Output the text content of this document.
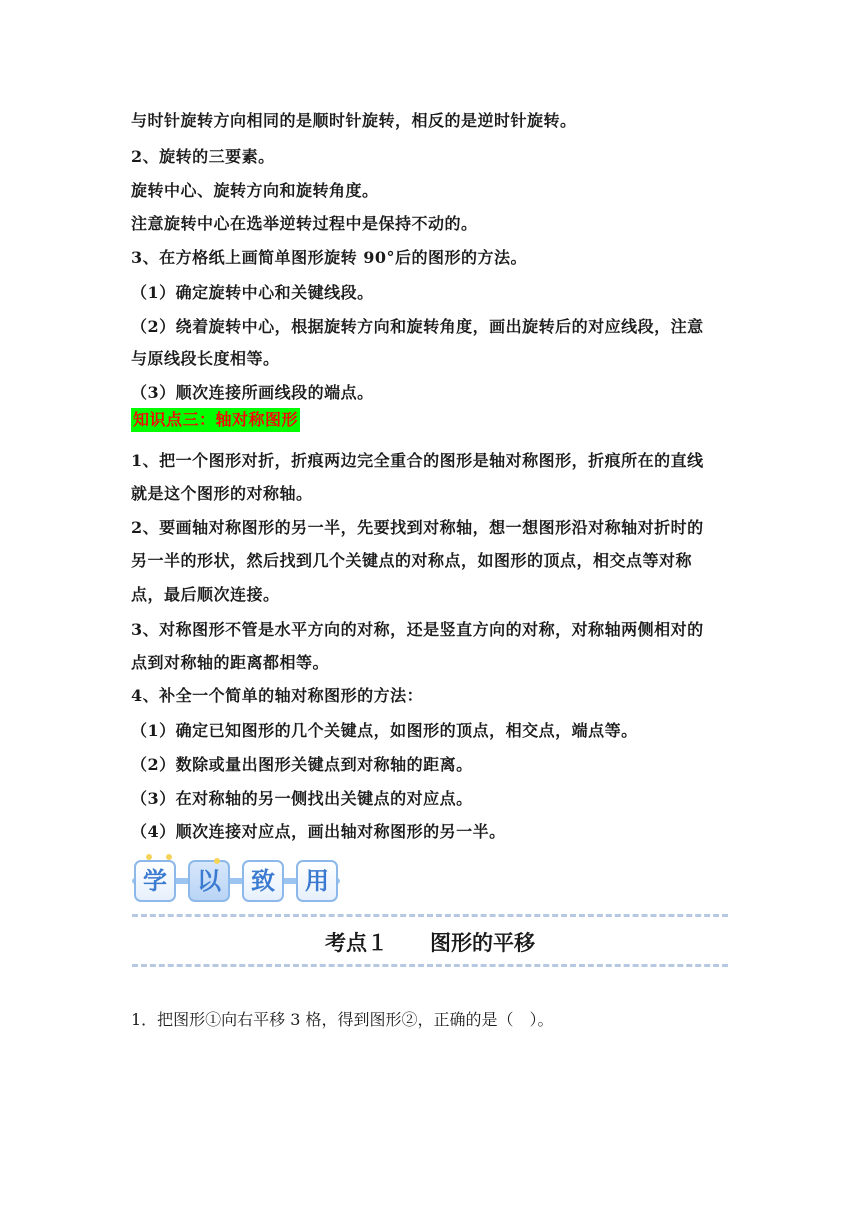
与时针旋转方向相同的是顺时针旋转，相反的是逆时针旋转。
2、旋转的三要素。
旋转中心、旋转方向和旋转角度。
注意旋转中心在选举逆转过程中是保持不动的。
3、在方格纸上画简单图形旋转 90°后的图形的方法。
（1）确定旋转中心和关键线段。
（2）绕着旋转中心，根据旋转方向和旋转角度，画出旋转后的对应线段，注意
与原线段长度相等。
（3）顺次连接所画线段的端点。
知识点三：轴对称图形
1、把一个图形对折，折痕两边完全重合的图形是轴对称图形，折痕所在的直线
就是这个图形的对称轴。
2、要画轴对称图形的另一半，先要找到对称轴，想一想图形沿对称轴对折时的
另一半的形状，然后找到几个关键点的对称点，如图形的顶点，相交点等对称
点，最后顺次连接。
3、对称图形不管是水平方向的对称，还是竖直方向的对称，对称轴两侧相对的
点到对称轴的距离都相等。
4、补全一个简单的轴对称图形的方法：
（1）确定已知图形的几个关键点，如图形的顶点，相交点，端点等。
（2）数除或量出图形关键点到对称轴的距离。
（3）在对称轴的另一侧找出关键点的对应点。
（4）顺次连接对应点，画出轴对称图形的另一半。
学	以	致	用
考点１　　图形的平移
1．把图形①向右平移 3 格，得到图形②，正确的是（　）。
